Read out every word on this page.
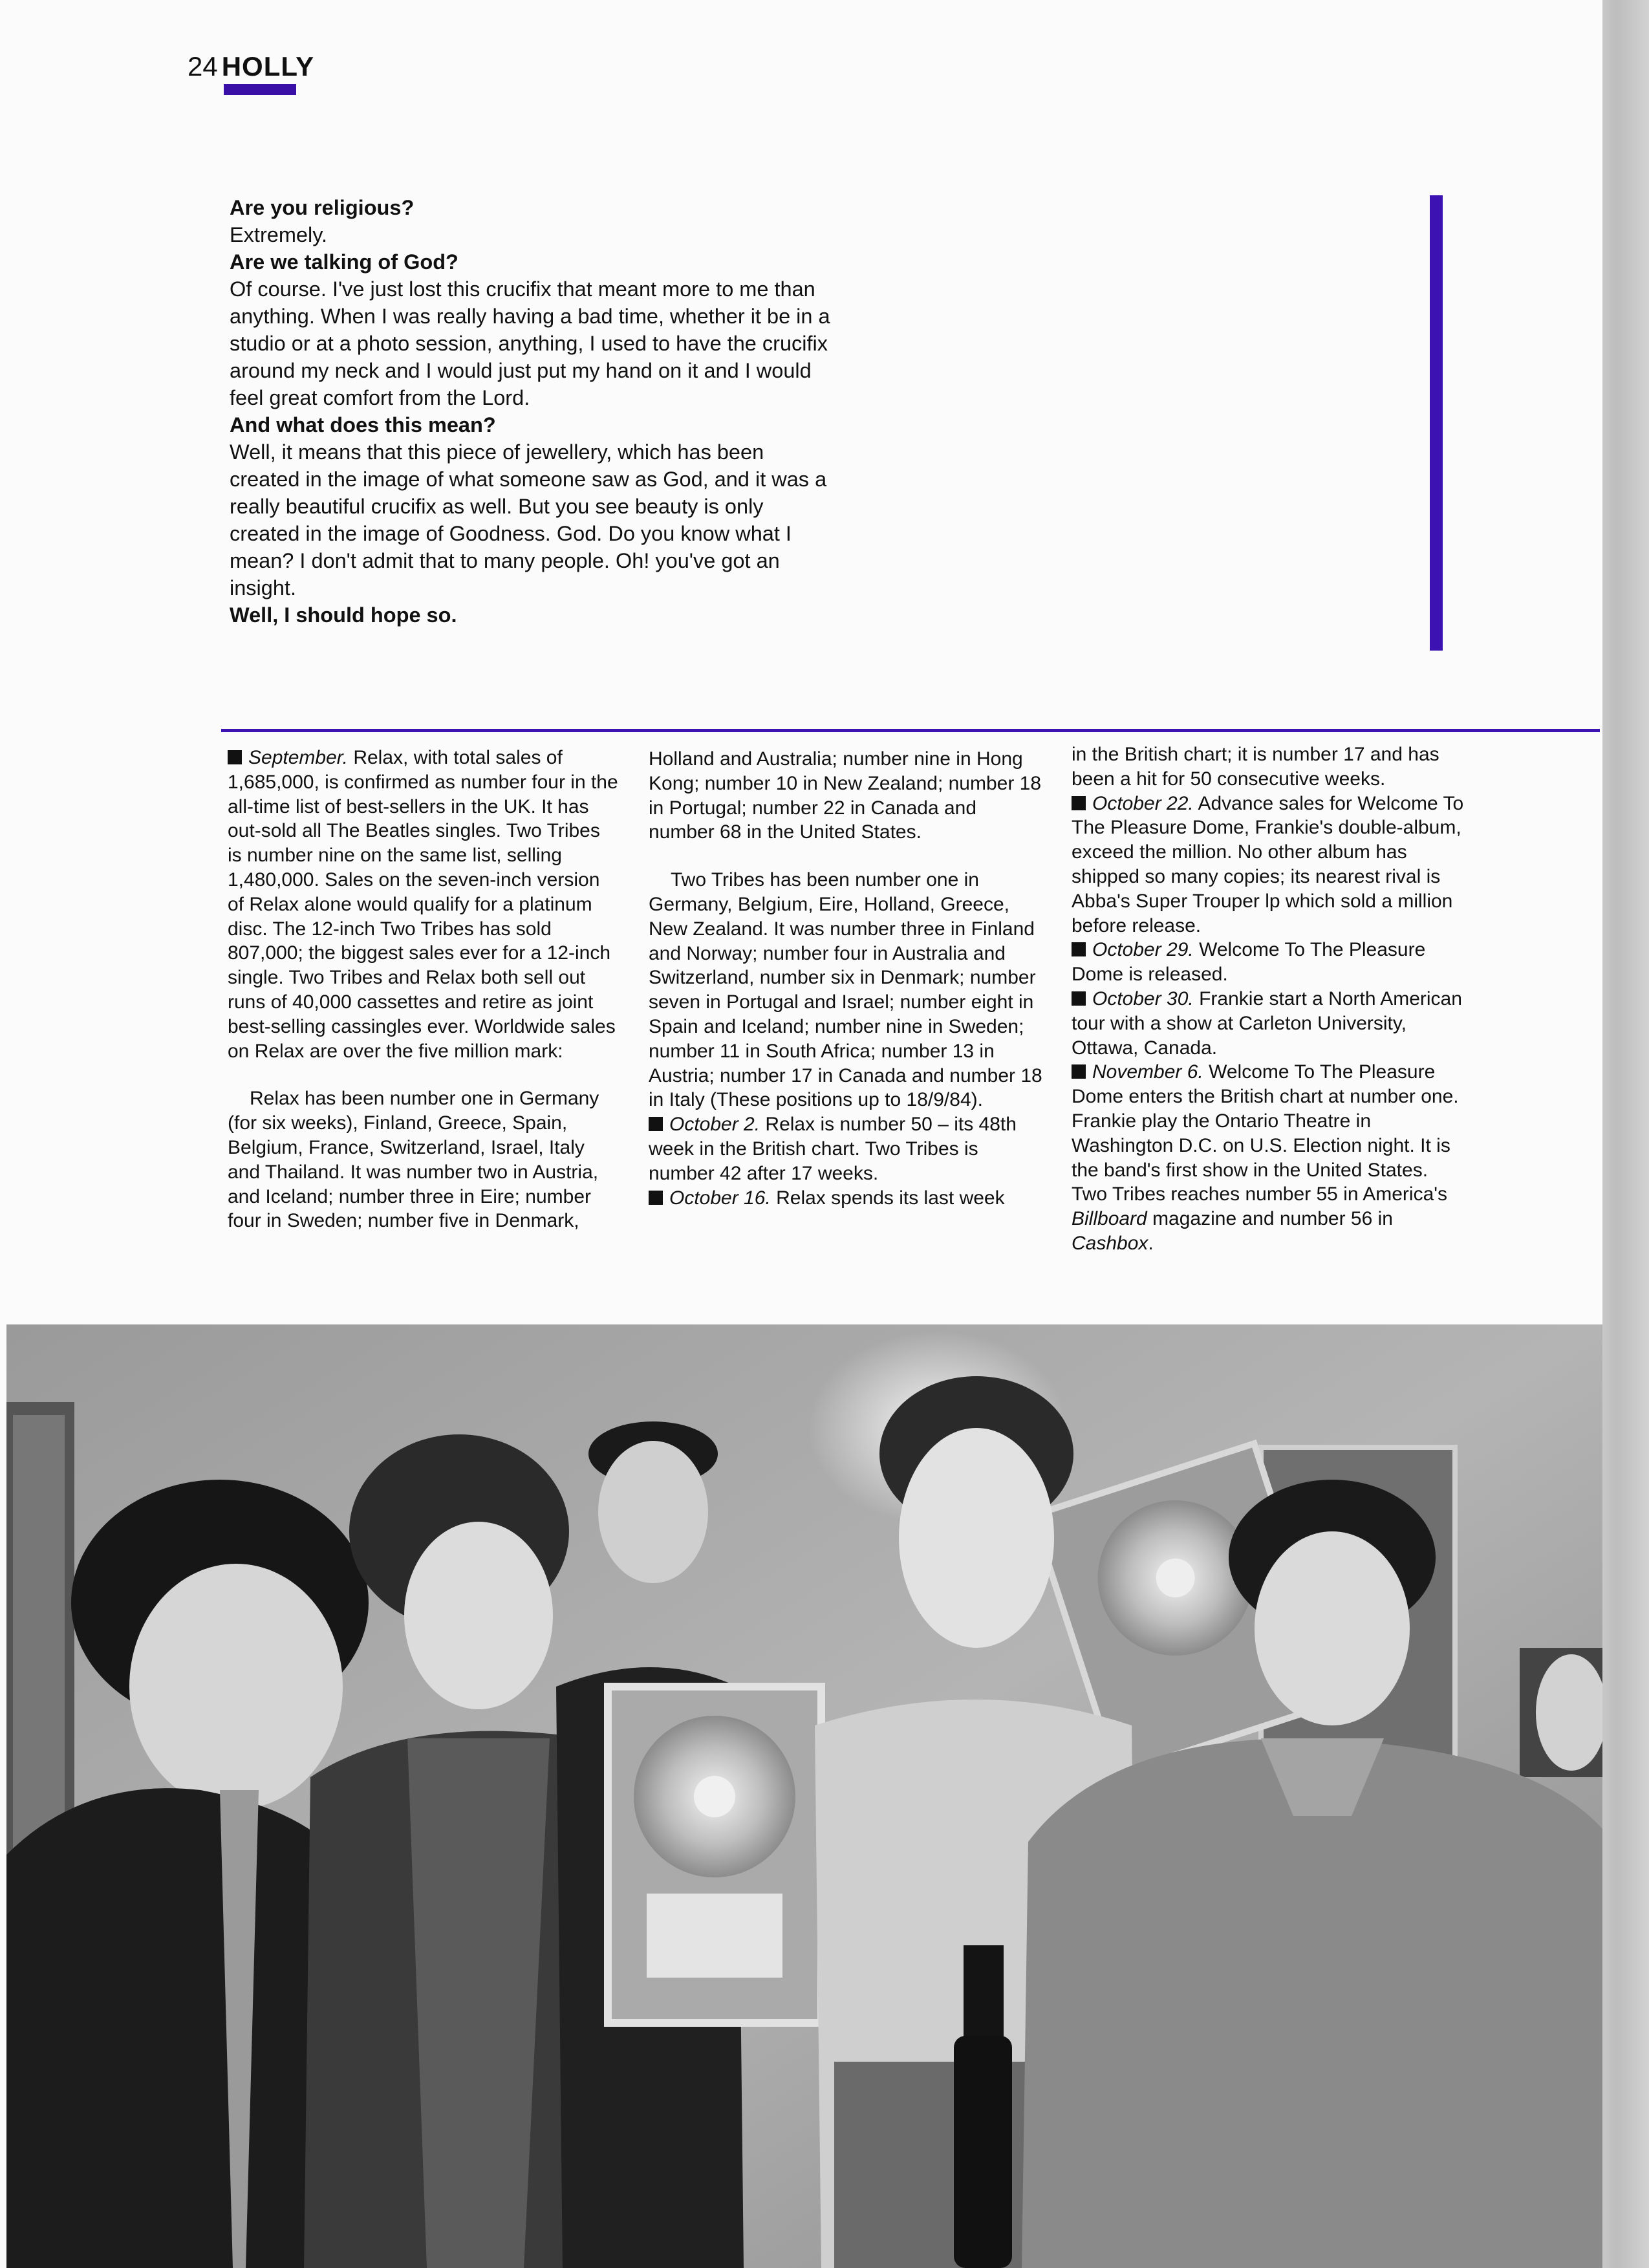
24 HOLLY

Are you religious?

Extremely.

Are we talking of God?

Of course. I've just lost this crucifix that meant more to me than anything. When I was really having a bad time, whether it be in a studio or at a photo session, anything, I used to have the crucifix around my neck and I would just put my hand on it and I would feel great comfort from the Lord.

And what does this mean?

Well, it means that this piece of jewellery, which has been created in the image of what someone saw as God, and it was a really beautiful crucifix as well. But you see beauty is only created in the image of Goodness. God. Do you know what I mean? I don't admit that to many people. Oh! you've got an insight.

Well, I should hope so.

September. Relax, with total sales of 1,685,000, is confirmed as number four in the all-time list of best-sellers in the UK. It has out-sold all The Beatles singles. Two Tribes is number nine on the same list, selling 1,480,000. Sales on the seven-inch version of Relax alone would qualify for a platinum disc. The 12-inch Two Tribes has sold 807,000; the biggest sales ever for a 12-inch single. Two Tribes and Relax both sell out runs of 40,000 cassettes and retire as joint best-selling cassingles ever. Worldwide sales on Relax are over the five million mark:

Relax has been number one in Germany (for six weeks), Finland, Greece, Spain, Belgium, France, Switzerland, Israel, Italy and Thailand. It was number two in Austria, and Iceland; number three in Eire; number four in Sweden; number five in Denmark,

Holland and Australia; number nine in Hong Kong; number 10 in New Zealand; number 18 in Portugal; number 22 in Canada and number 68 in the United States.

Two Tribes has been number one in Germany, Belgium, Eire, Holland, Greece, New Zealand. It was number three in Finland and Norway; number four in Australia and Switzerland, number six in Denmark; number seven in Portugal and Israel; number eight in Spain and Iceland; number nine in Sweden; number 11 in South Africa; number 13 in Austria; number 17 in Canada and number 18 in Italy (These positions up to 18/9/84).

October 2. Relax is number 50 – its 48th week in the British chart. Two Tribes is number 42 after 17 weeks.

October 16. Relax spends its last week

in the British chart; it is number 17 and has been a hit for 50 consecutive weeks.

October 22. Advance sales for Welcome To The Pleasure Dome, Frankie's double-album, exceed the million. No other album has shipped so many copies; its nearest rival is Abba's Super Trouper lp which sold a million before release.

October 29. Welcome To The Pleasure Dome is released.

October 30. Frankie start a North American tour with a show at Carleton University, Ottawa, Canada.

November 6. Welcome To The Pleasure Dome enters the British chart at number one. Frankie play the Ontario Theatre in Washington D.C. on U.S. Election night. It is the band's first show in the United States. Two Tribes reaches number 55 in America's Billboard magazine and number 56 in Cashbox.
